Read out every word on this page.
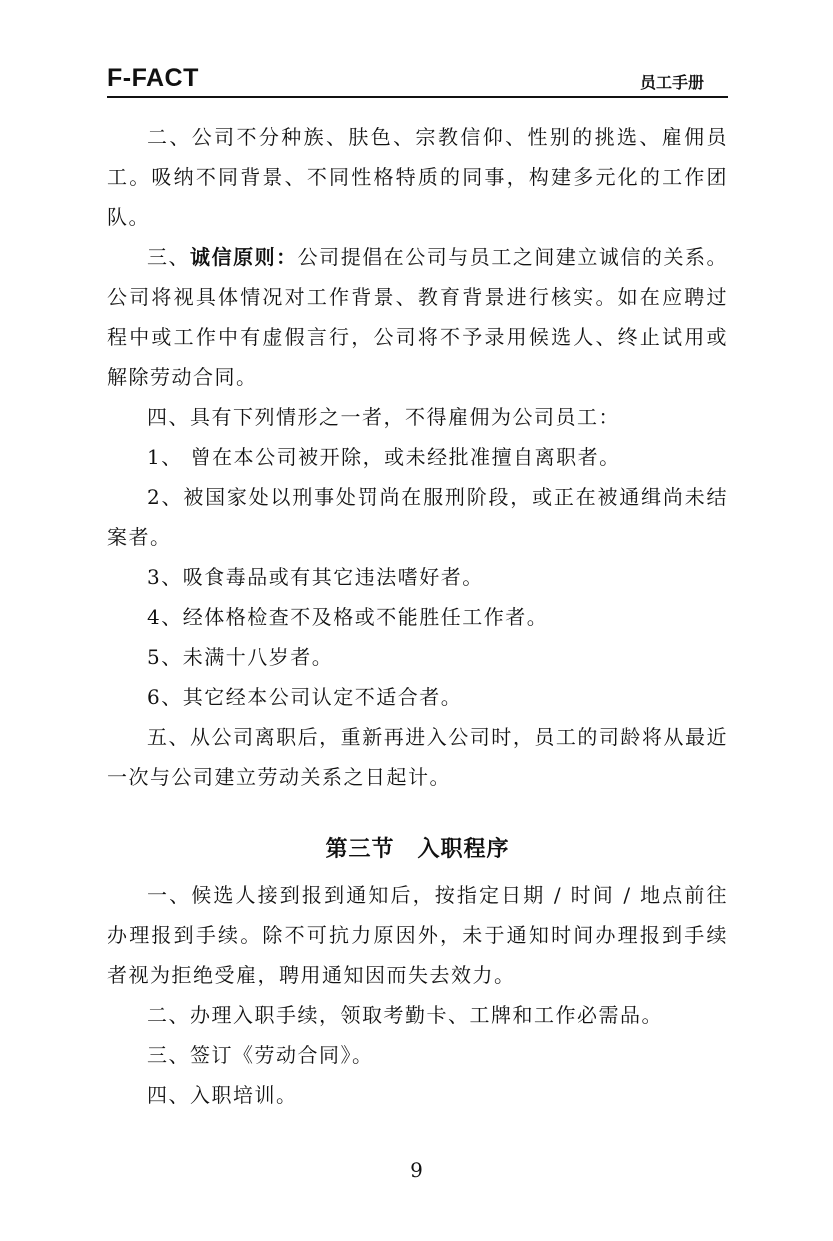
F-FACT	员工手册

二、公司不分种族、肤色、宗教信仰、性别的挑选、雇佣员工。吸纳不同背景、不同性格特质的同事，构建多元化的工作团队。

三、诚信原则：公司提倡在公司与员工之间建立诚信的关系。公司将视具体情况对工作背景、教育背景进行核实。如在应聘过程中或工作中有虚假言行，公司将不予录用候选人、终止试用或解除劳动合同。

四、具有下列情形之一者，不得雇佣为公司员工：

1、 曾在本公司被开除，或未经批准擅自离职者。

2、被国家处以刑事处罚尚在服刑阶段，或正在被通缉尚未结案者。

3、吸食毒品或有其它违法嗜好者。

4、经体格检查不及格或不能胜任工作者。

5、未满十八岁者。

6、其它经本公司认定不适合者。

五、从公司离职后，重新再进入公司时，员工的司龄将从最近一次与公司建立劳动关系之日起计。

第三节　入职程序

一、候选人接到报到通知后，按指定日期 / 时间 / 地点前往办理报到手续。除不可抗力原因外，未于通知时间办理报到手续者视为拒绝受雇，聘用通知因而失去效力。

二、办理入职手续，领取考勤卡、工牌和工作必需品。

三、签订《劳动合同》。

四、入职培训。

9
